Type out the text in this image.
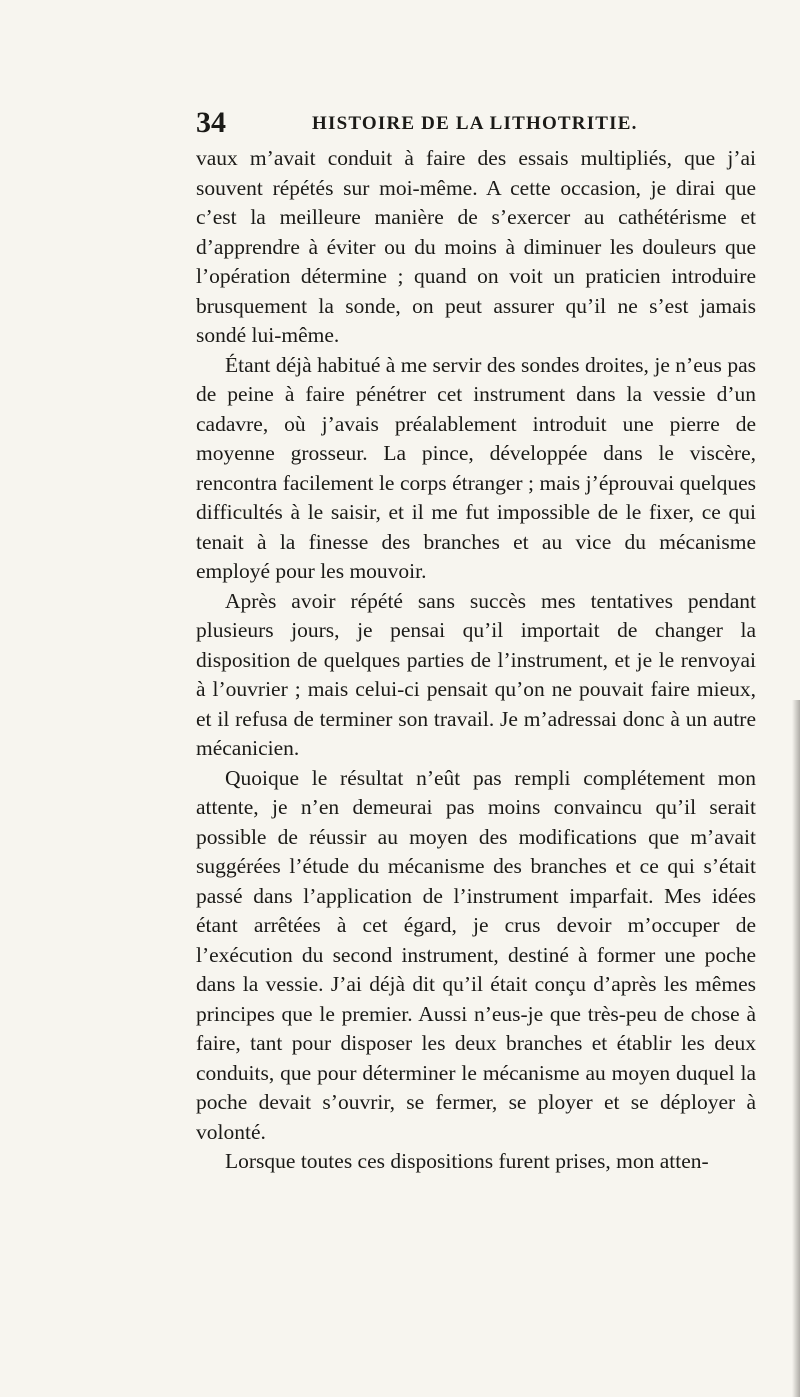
34	HISTOIRE DE LA LITHOTRITIE.

vaux m’avait conduit à faire des essais multipliés, que j’ai souvent répétés sur moi-même. A cette occasion, je dirai que c’est la meilleure manière de s’exercer au cathétérisme et d’apprendre à éviter ou du moins à diminuer les douleurs que l’opération détermine ; quand on voit un praticien introduire brusquement la sonde, on peut assurer qu’il ne s’est jamais sondé lui-même.

Étant déjà habitué à me servir des sondes droites, je n’eus pas de peine à faire pénétrer cet instrument dans la vessie d’un cadavre, où j’avais préalablement introduit une pierre de moyenne grosseur. La pince, développée dans le viscère, rencontra facilement le corps étranger ; mais j’éprouvai quelques difficultés à le saisir, et il me fut impossible de le fixer, ce qui tenait à la finesse des branches et au vice du mécanisme employé pour les mouvoir.

Après avoir répété sans succès mes tentatives pendant plusieurs jours, je pensai qu’il importait de changer la disposition de quelques parties de l’instrument, et je le renvoyai à l’ouvrier ; mais celui-ci pensait qu’on ne pouvait faire mieux, et il refusa de terminer son travail. Je m’adressai donc à un autre mécanicien.

Quoique le résultat n’eût pas rempli complétement mon attente, je n’en demeurai pas moins convaincu qu’il serait possible de réussir au moyen des modifications que m’avait suggérées l’étude du mécanisme des branches et ce qui s’était passé dans l’application de l’instrument imparfait. Mes idées étant arrêtées à cet égard, je crus devoir m’occuper de l’exécution du second instrument, destiné à former une poche dans la vessie. J’ai déjà dit qu’il était conçu d’après les mêmes principes que le premier. Aussi n’eus-je que très-peu de chose à faire, tant pour disposer les deux branches et établir les deux conduits, que pour déterminer le mécanisme au moyen duquel la poche devait s’ouvrir, se fermer, se ployer et se déployer à volonté.

Lorsque toutes ces dispositions furent prises, mon atten-
